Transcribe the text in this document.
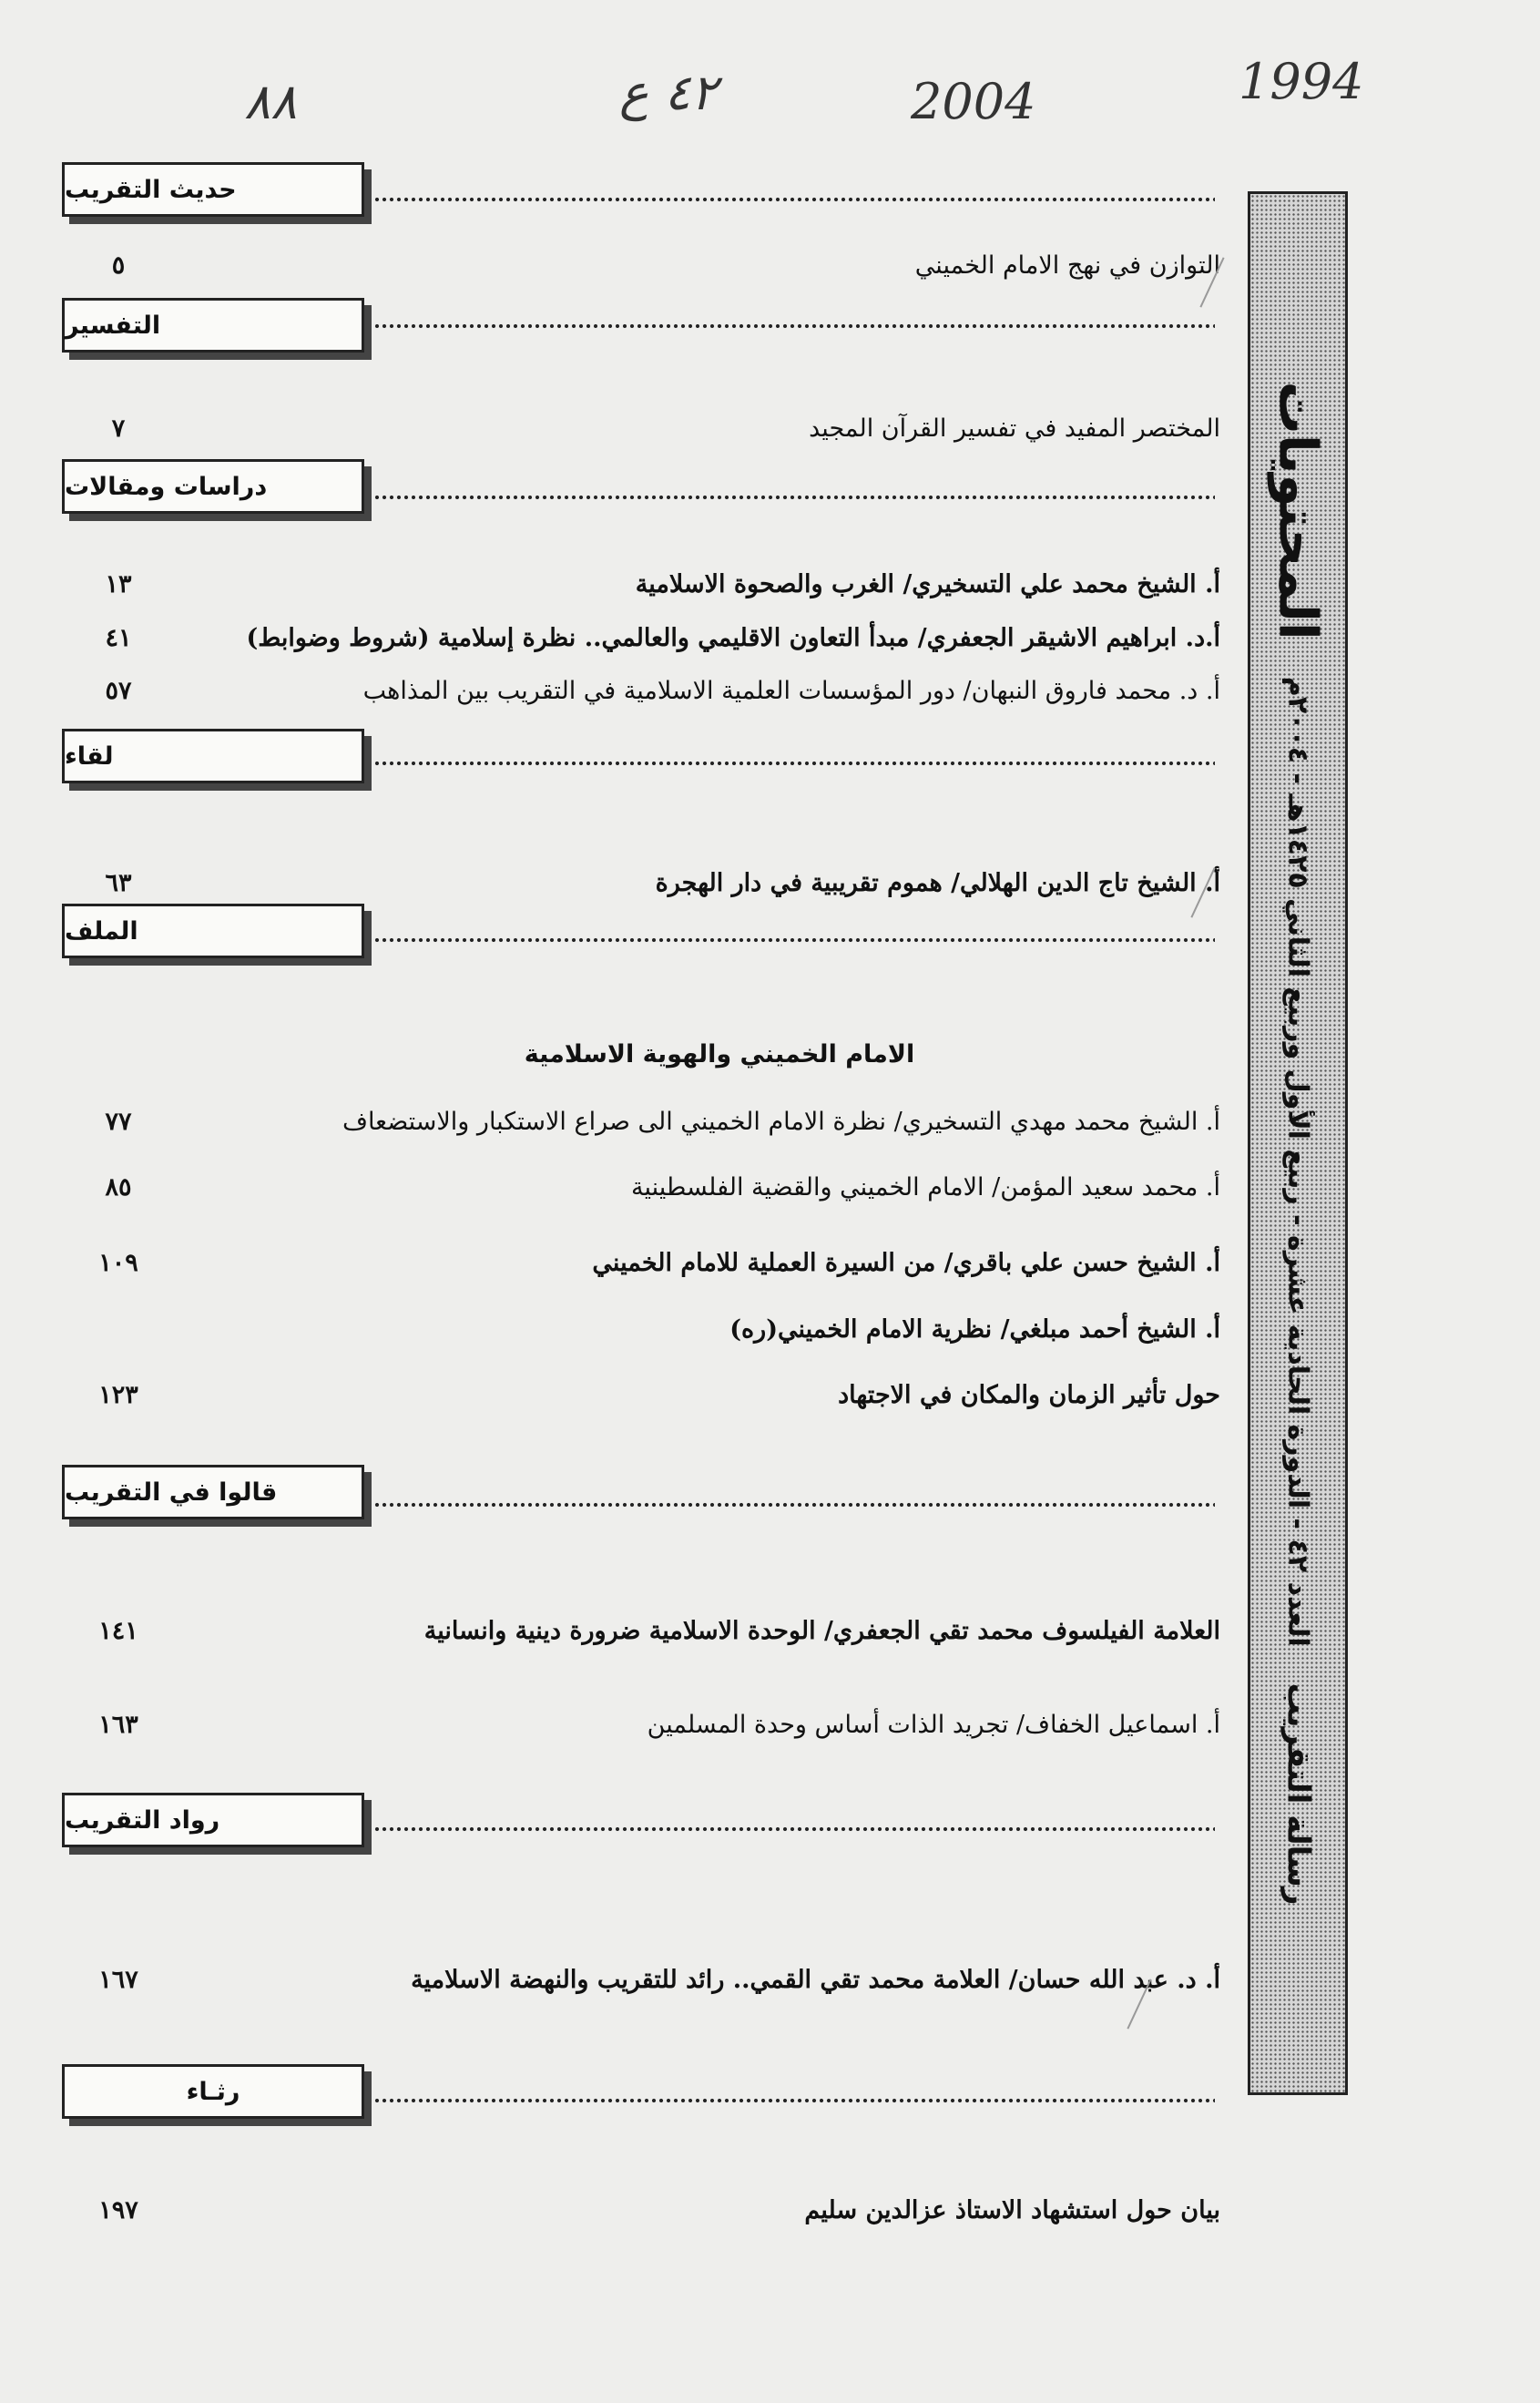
٨٨	٤٢ ع	2004	1994
حديث التقريب
٥	التوازن في نهج الامام الخميني
التفسير
٧	المختصر المفيد في تفسير القرآن المجيد
دراسات ومقالات
١٣	أ. الشيخ محمد علي التسخيري/ الغرب والصحوة الاسلامية
٤١	أ.د. ابراهيم الاشيقر الجعفري/ مبدأ التعاون الاقليمي والعالمي.. نظرة إسلامية (شروط وضوابط)
٥٧	أ. د. محمد فاروق النبهان/ دور المؤسسات العلمية الاسلامية في التقريب بين المذاهب
لقاء
٦٣	أ. الشيخ تاج الدين الهلالي/ هموم تقريبية في دار الهجرة
الملف
الامام الخميني والهوية الاسلامية
٧٧	أ. الشيخ محمد مهدي التسخيري/ نظرة الامام الخميني الى صراع الاستكبار والاستضعاف
٨٥	أ. محمد سعيد المؤمن/ الامام الخميني والقضية الفلسطينية
١٠٩	أ. الشيخ حسن علي باقري/ من السيرة العملية للامام الخميني
أ. الشيخ أحمد مبلغي/ نظرية الامام الخميني(ره)
١٢٣	حول تأثير الزمان والمكان في الاجتهاد
قالوا في التقريب
١٤١	العلامة الفيلسوف محمد تقي الجعفري/ الوحدة الاسلامية ضرورة دينية وانسانية
١٦٣	أ. اسماعيل الخفاف/ تجريد الذات أساس وحدة المسلمين
رواد التقريب
١٦٧	أ. د. عبد الله حسان/ العلامة محمد تقي القمي.. رائد للتقريب والنهضة الاسلامية
رثـاء
١٩٧	بيان حول استشهاد الاستاذ عزالدين سليم
رسالة التقريب
العدد ٤٢ - الدورة الحادية عشرة - ربيع الأول وربيع الثاني ١٤٢٥هـ - ٢٠٠٤م
المحتويات
